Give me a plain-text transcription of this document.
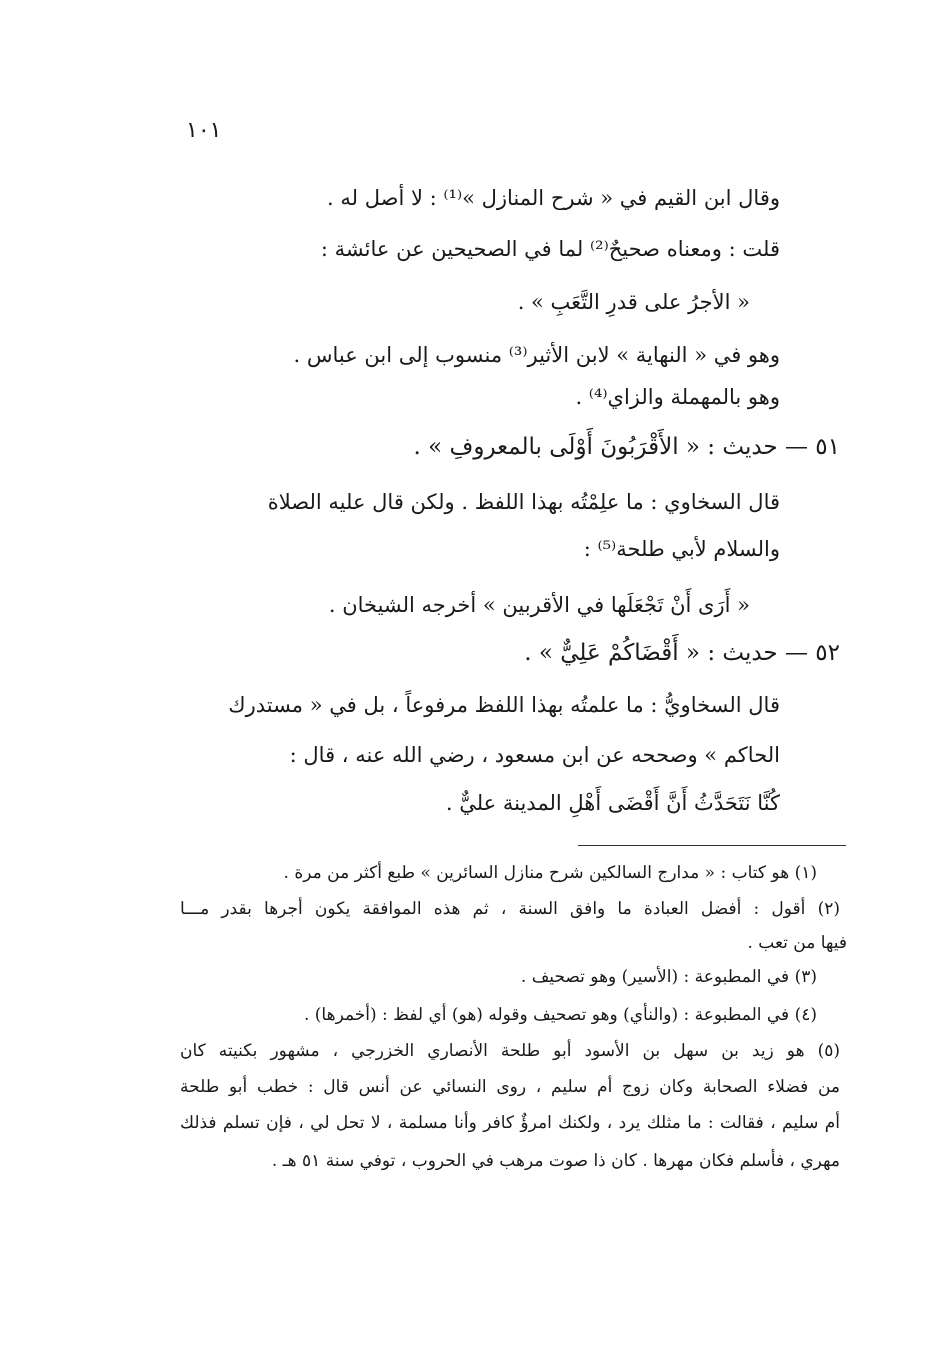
١٠١
وقال ابن القيم في « شرح المنازل »⁽¹⁾ : لا أصل له .
قلت : ومعناه صحيحٌ⁽²⁾ لما في الصحيحين عن عائشة :
« الأجرُ على قدرِ التَّعَبِ » .
وهو في « النهاية » لابن الأثير⁽³⁾ منسوب إلى ابن عباس .
وهو بالمهملة والزاي⁽⁴⁾ .
٥١ — حديث : « الأَقْرَبُونَ أَوْلَى بالمعروفِ » .
قال السخاوي : ما علِمْتُه بهذا اللفظ . ولكن قال عليه الصلاة
والسلام لأبي طلحة⁽⁵⁾ :
« أَرَى أَنْ تَجْعَلَها في الأقربين » أخرجه الشيخان .
٥٢ — حديث : « أَقْضَاكُمْ عَلِيٌّ » .
قال السخاويُّ : ما علمتُه بهذا اللفظ مرفوعاً ، بل في « مستدرك
الحاكم » وصححه عن ابن مسعود ، رضي الله عنه ، قال :
كُنَّا نَتَحَدَّثُ أَنَّ أَقْضَى أَهْلِ المدينة عليٌّ .
(١) هو كتاب : « مدارج السالكين شرح منازل السائرين » طبع أكثر من مرة .
(٢) أقول : أفضل العبادة ما وافق السنة ، ثم هذه الموافقة يكون أجرها بقدر مـــا
فيها من تعب .
(٣) في المطبوعة : (الأسير) وهو تصحيف .
(٤) في المطبوعة : (والنأي) وهو تصحيف وقوله (هو) أي لفظ : (أخمرها) .
(٥) هو زيد بن سهل بن الأسود أبو طلحة الأنصاري الخزرجي ، مشهور بكنيته كان
من فضلاء الصحابة وكان زوج أم سليم ، روى النسائي عن أنس قال : خطب أبو طلحة
أم سليم ، فقالت : ما مثلك يرد ، ولكنك امرؤٌ كافر وأنا مسلمة ، لا تحل لي ، فإن تسلم فذلك
مهري ، فأسلم فكان مهرها . كان ذا صوت مرهب في الحروب ، توفي سنة ٥١ هـ .
